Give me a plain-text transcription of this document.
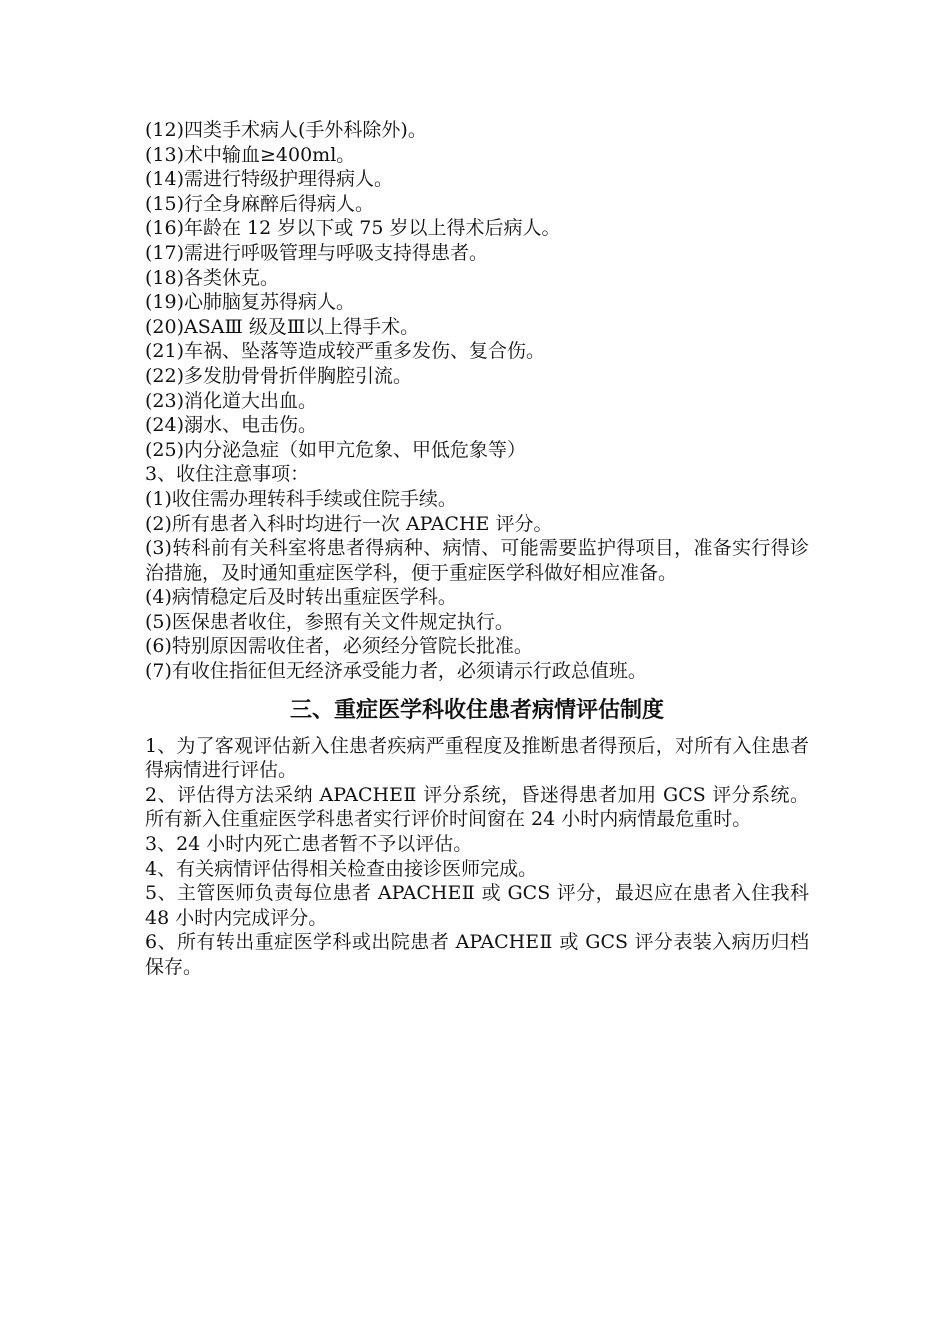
(12)四类手术病人(手外科除外)。

(13)术中输血≥400ml。

(14)需进行特级护理得病人。

(15)行全身麻醉后得病人。

(16)年龄在 12 岁以下或 75 岁以上得术后病人。

(17)需进行呼吸管理与呼吸支持得患者。

(18)各类休克。

(19)心肺脑复苏得病人。

(20)ASAⅢ 级及Ⅲ以上得手术。

(21)车祸、坠落等造成较严重多发伤、复合伤。

(22)多发肋骨骨折伴胸腔引流。

(23)消化道大出血。

(24)溺水、电击伤。

(25)内分泌急症（如甲亢危象、甲低危象等）

3、收住注意事项：

(1)收住需办理转科手续或住院手续。

(2)所有患者入科时均进行一次 APACHE 评分。

(3)转科前有关科室将患者得病种、病情、可能需要监护得项目，准备实行得诊治措施，及时通知重症医学科，便于重症医学科做好相应准备。

(4)病情稳定后及时转出重症医学科。

(5)医保患者收住，参照有关文件规定执行。

(6)特别原因需收住者，必须经分管院长批准。

(7)有收住指征但无经济承受能力者，必须请示行政总值班。

三、重症医学科收住患者病情评估制度

1、为了客观评估新入住患者疾病严重程度及推断患者得预后，对所有入住患者得病情进行评估。

2、评估得方法采纳 APACHEⅡ 评分系统，昏迷得患者加用 GCS 评分系统。所有新入住重症医学科患者实行评价时间窗在 24 小时内病情最危重时。

3、24 小时内死亡患者暂不予以评估。

4、有关病情评估得相关检查由接诊医师完成。

5、主管医师负责每位患者 APACHEⅡ 或 GCS 评分，最迟应在患者入住我科 48 小时内完成评分。

6、所有转出重症医学科或出院患者 APACHEⅡ 或 GCS 评分表装入病历归档保存。
